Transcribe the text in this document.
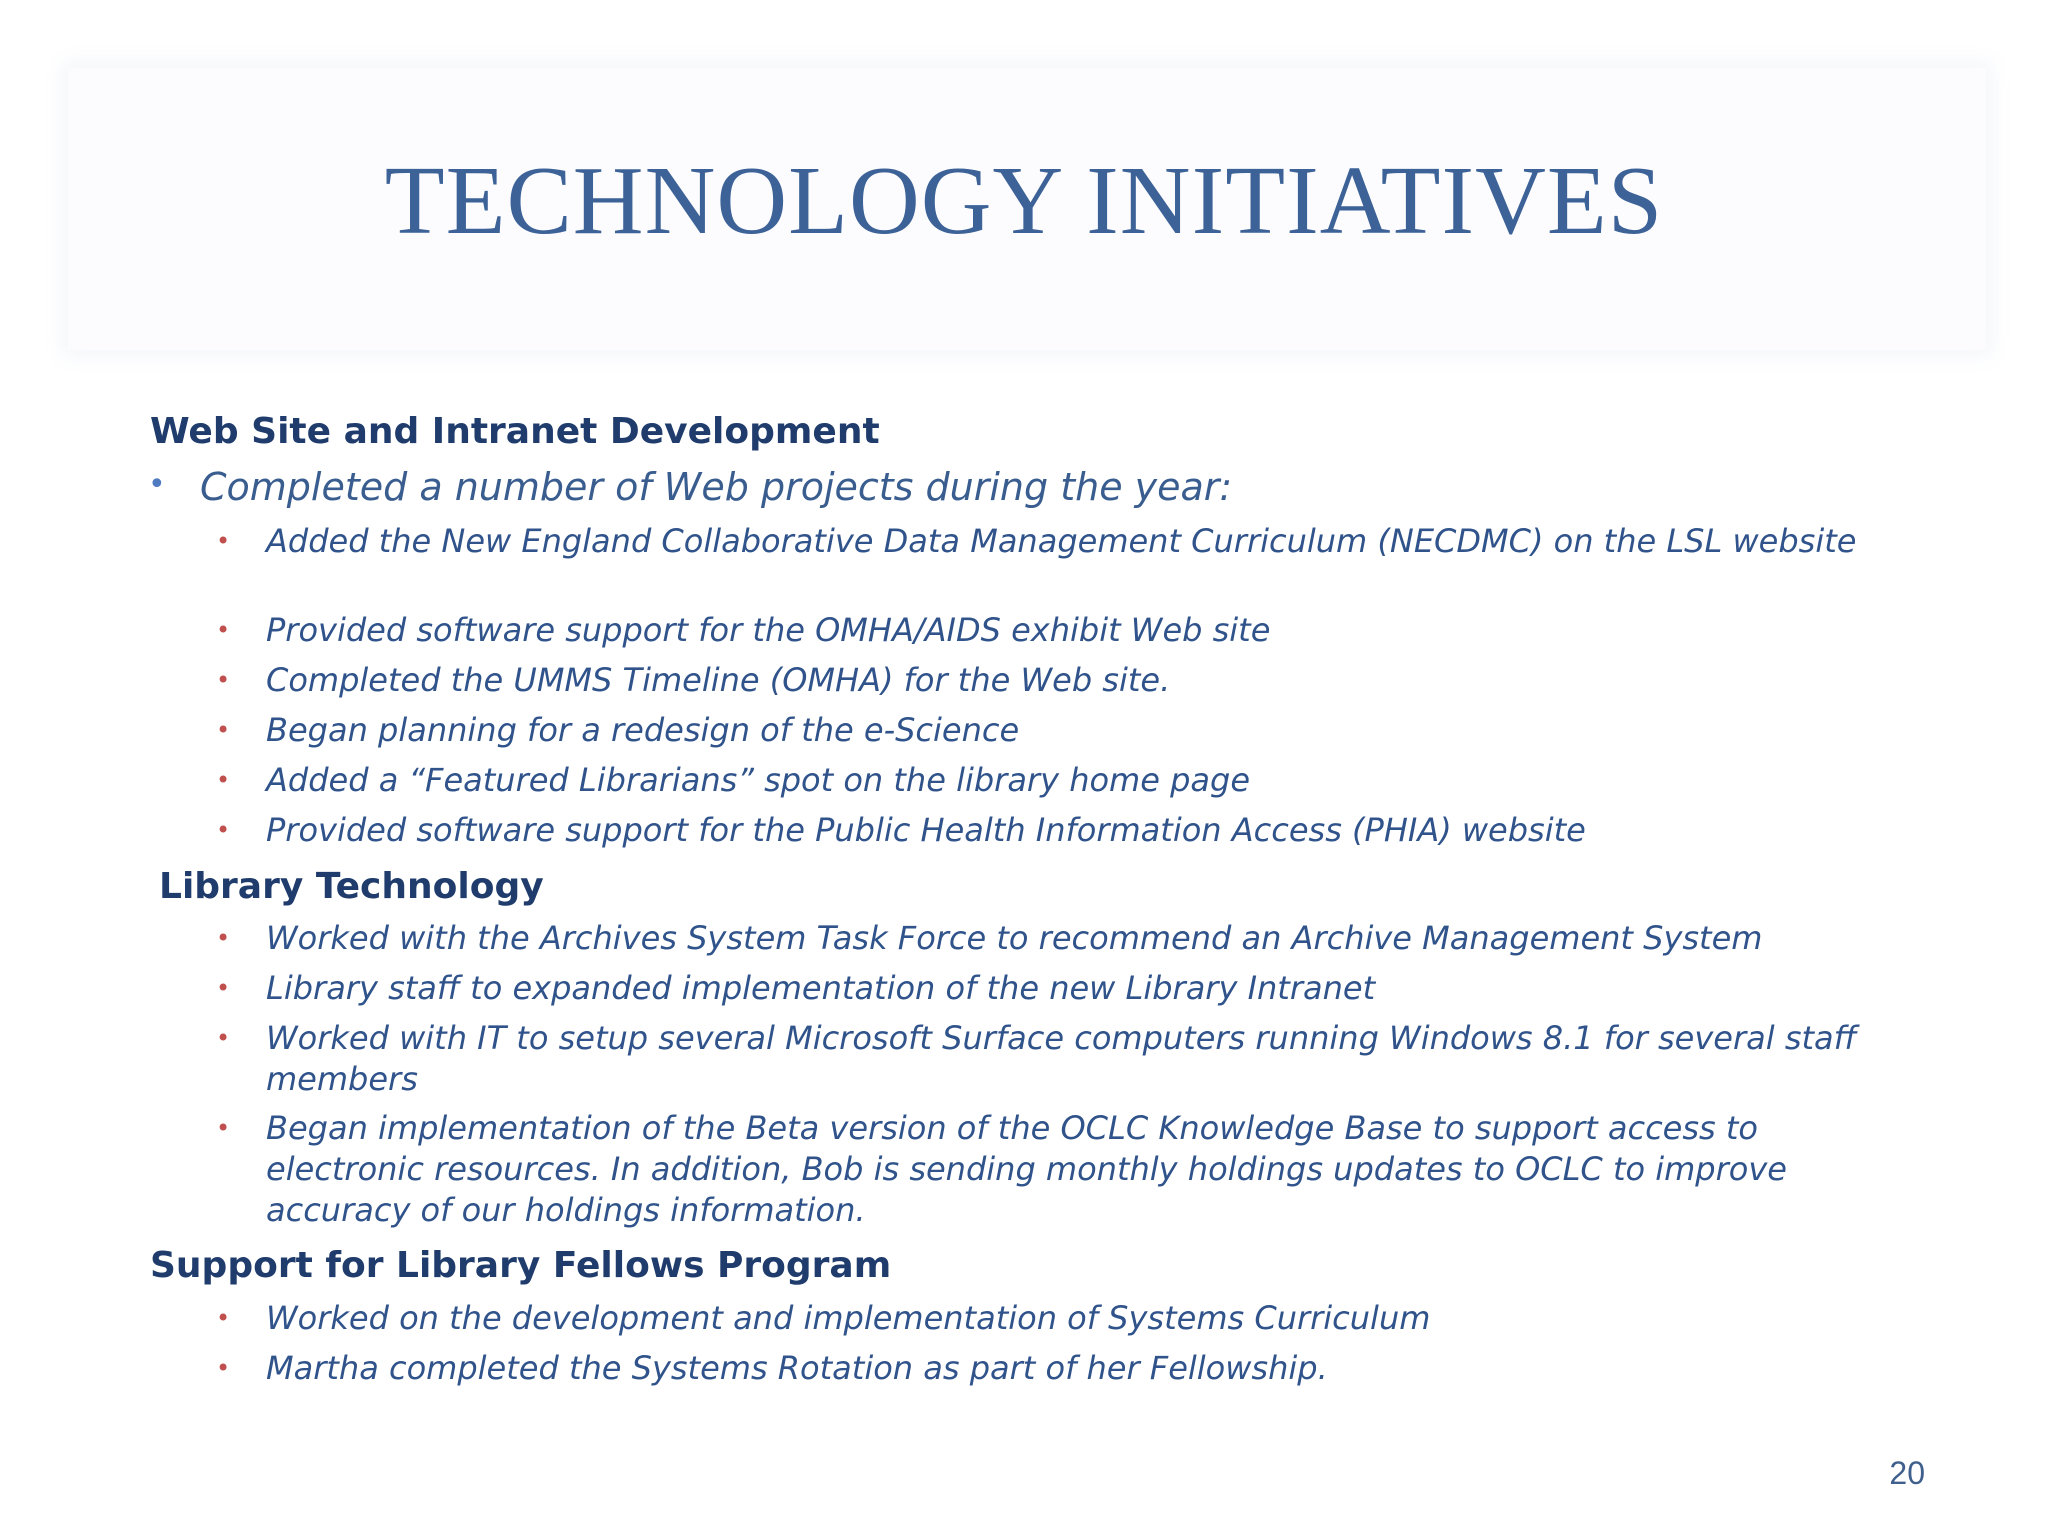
TECHNOLOGY INITIATIVES
Web Site and Intranet Development
• Completed a number of Web projects during the year:
• Added the New England Collaborative Data Management Curriculum (NECDMC) on the LSL website
• Provided software support for the OMHA/AIDS exhibit Web site
• Completed the UMMS Timeline (OMHA) for the Web site.
• Began planning for a redesign of the e-Science
• Added a “Featured Librarians” spot on the library home page
• Provided software support for the Public Health Information Access (PHIA) website
Library Technology
• Worked with the Archives System Task Force to recommend an Archive Management System
• Library staff to expanded implementation of the new Library Intranet
• Worked with IT to setup several Microsoft Surface computers running Windows 8.1 for several staff members
• Began implementation of the Beta version of the OCLC Knowledge Base to support access to electronic resources. In addition, Bob is sending monthly holdings updates to OCLC to improve accuracy of our holdings information.
Support for Library Fellows Program
• Worked on the development and implementation of Systems Curriculum
• Martha completed the Systems Rotation as part of her Fellowship.
20
